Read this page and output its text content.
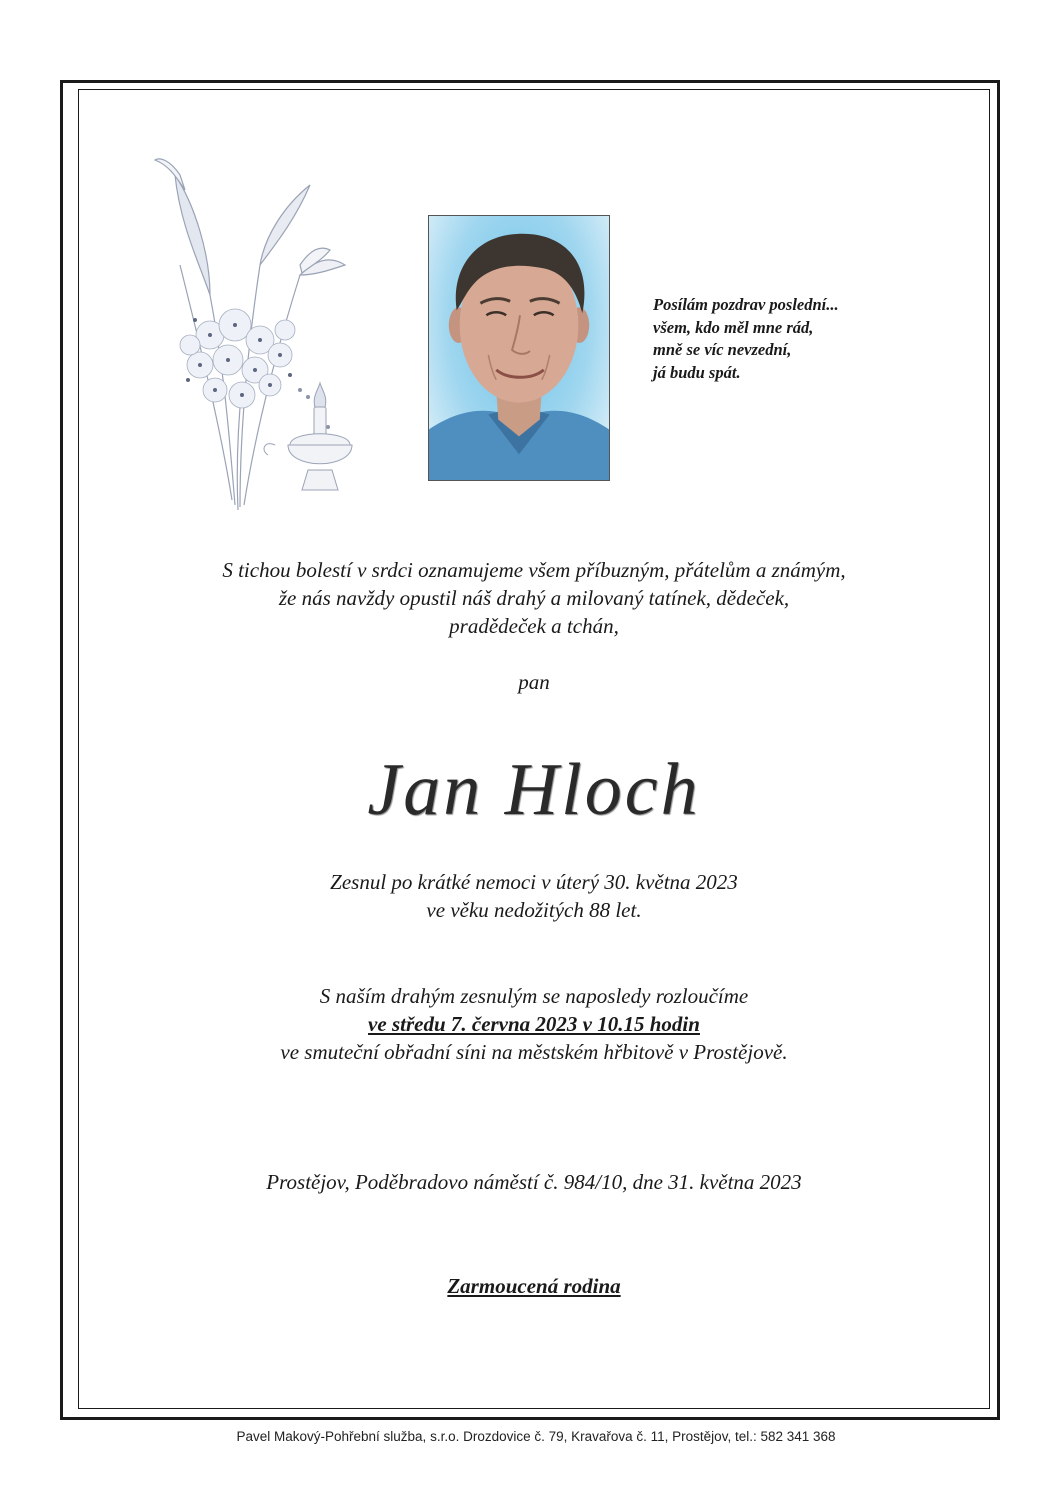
Posílám pozdrav poslední...
všem, kdo měl mne rád,
mně se víc nevzední,
já budu spát.
S tichou bolestí v srdci oznamujeme všem příbuzným, přátelům a známým,
že nás navždy opustil náš drahý a milovaný tatínek, dědeček,
pradědeček a tchán,
pan
Jan Hloch
Zesnul po krátké nemoci v úterý 30. května 2023
ve věku nedožitých 88 let.
S naším drahým zesnulým se naposledy rozloučíme
ve středu 7. června 2023 v 10.15 hodin
ve smuteční obřadní síni na městském hřbitově v Prostějově.
Prostějov, Poděbradovo náměstí č. 984/10, dne 31. května 2023
Zarmoucená rodina
Pavel Makový-Pohřební služba, s.r.o. Drozdovice č. 79, Kravařova č. 11, Prostějov, tel.: 582 341 368
